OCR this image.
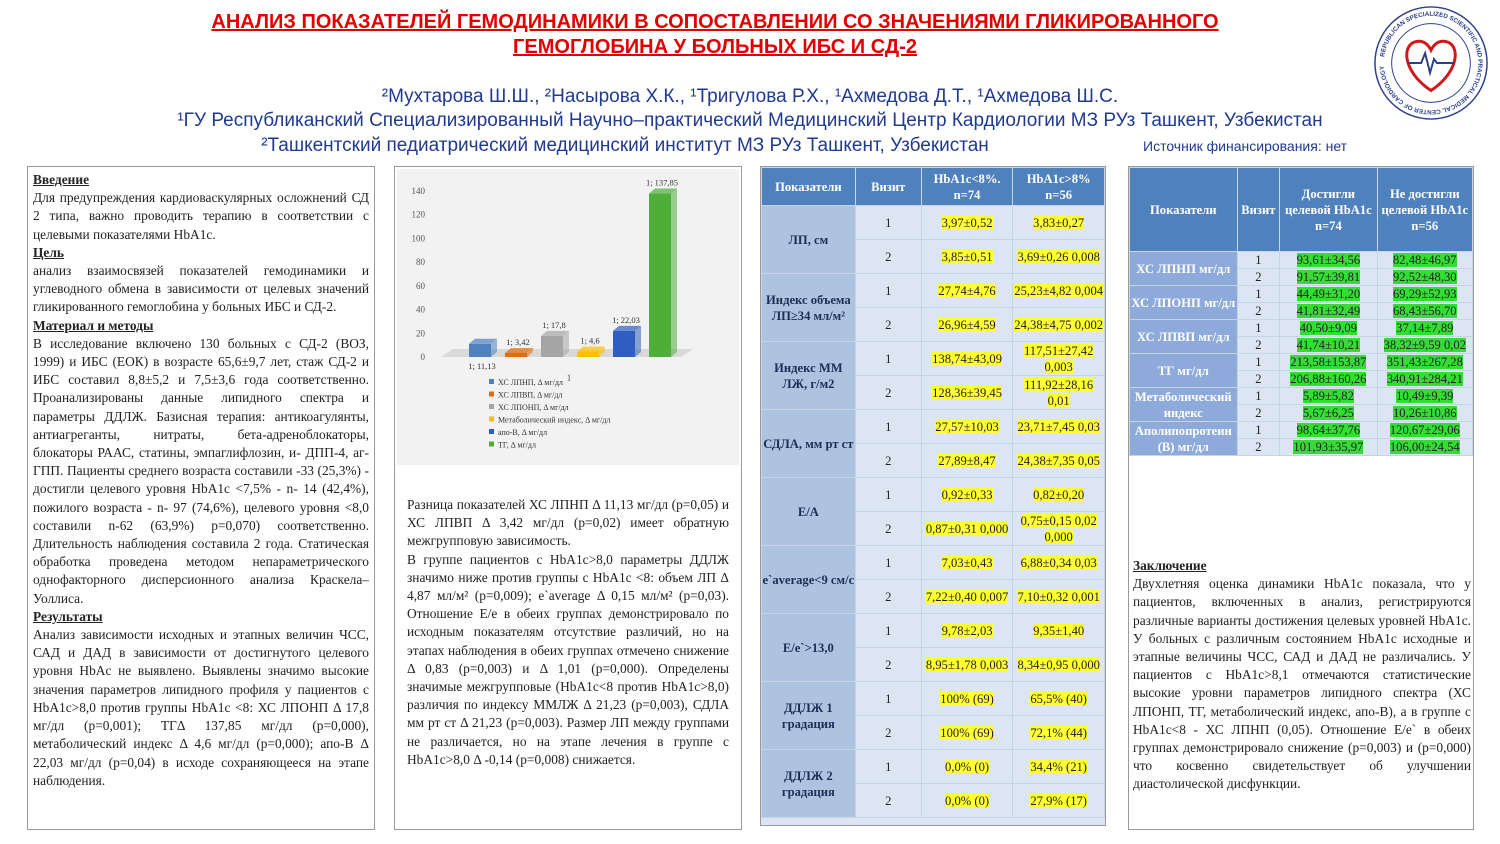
АНАЛИЗ ПОКАЗАТЕЛЕЙ ГЕМОДИНАМИКИ В СОПОСТАВЛЕНИИ СО ЗНАЧЕНИЯМИ ГЛИКИРОВАННОГО
ГЕМОГЛОБИНА У БОЛЬНЫХ ИБС И СД-2
²Мухтарова Ш.Ш., ²Насырова Х.К., ¹Тригулова Р.Х., ¹Ахмедова Д.Т., ¹Ахмедова Ш.С.
¹ГУ Республиканский Специализированный Научно–практический Медицинский Центр Кардиологии МЗ РУз Ташкент, Узбекистан
²Ташкентский педиатрический медицинский институт МЗ РУз Ташкент, Узбекистан	Источник финансирования: нет
REPUBLICAN SPECIALIZED SCIENTIFIC AND PRACTICAL MEDICAL CENTER OF CARDIOLOGY
Введение

Для предупреждения кардиоваскулярных осложнений СД 2 типа, важно проводить терапию в соответствии с целевыми показателями HbA1c.

Цель

анализ взаимосвязей показателей гемодинамики и углеводного обмена в зависимости от целевых значений гликированного гемоглобина у больных ИБС и СД-2.

Материал и методы

В исследование включено 130 больных с СД-2 (ВОЗ, 1999) и ИБС (ЕОК) в возрасте 65,6±9,7 лет, стаж СД-2 и ИБС составил 8,8±5,2 и 7,5±3,6 года соответственно. Проанализированы данные липидного спектра и параметры ДДЛЖ. Базисная терапия: антикоагулянты, антиагреганты, нитраты, бета-адреноблокаторы, блокаторы РААС, статины, эмпаглифлозин, и- ДПП-4, аг- ГПП. Пациенты среднего возраста составили -33 (25,3%) - достигли целевого уровня HbA1c <7,5% - n- 14 (42,4%), пожилого возраста - n- 97 (74,6%), целевого уровня <8,0 составили n-62 (63,9%) p=0,070) соответственно. Длительность наблюдения составила 2 года. Статическая обработка проведена методом непараметрического однофакторного дисперсионного анализа Краскела–Уоллиса.

Результаты

Анализ зависимости исходных и этапных величин ЧСС, САД и ДАД в зависимости от достигнутого целевого уровня HbAc не выявлено. Выявлены значимо высокие значения параметров липидного профиля у пациентов с HbA1c>8,0 против группы HbA1c <8: ХС ЛПОНП Δ 17,8 мг/дл (p=0,001); ТГΔ 137,85 мг/дл (p=0,000), метаболический индекс Δ 4,6 мг/дл (p=0,000); апо-В Δ 22,03 мг/дл (p=0,04) в исходе сохраняющееся на этапе наблюдения.

0
20
40
60
80
100
120
140
1; 11,13
ХС ЛПНП, Δ мг/дл
1; 3,42
ХС ЛПВП, Δ мг/дл
1; 17,8
ХС ЛПОНП, Δ мг/дл
1; 4,6
Метаболический индекс, Δ мг/дл
1; 22,03
апо-В, Δ мг/дл
1; 137,85
ТГ, Δ мг/дл
1
Разница показателей ХС ЛПНП Δ 11,13 мг/дл (p=0,05) и ХС ЛПВП Δ 3,42 мг/дл (p=0,02) имеет обратную межгрупповую зависимость.
В группе пациентов с HbA1c>8,0 параметры ДДЛЖ значимо ниже против группы с HbA1c <8: объем ЛП Δ 4,87 мл/м² (p=0,009); e`average Δ 0,15 мл/м² (p=0,03). Отношение E/e в обеих группах демонстрировало по исходным показателям отсутствие различий, но на этапах наблюдения в обеих группах отмечено снижение Δ 0,83 (p=0,003) и Δ 1,01 (p=0,000). Определены значимые межгрупповые (HbA1c<8 против HbA1c>8,0) различия по индексу ММЛЖ Δ 21,23 (p=0,003), СДЛА мм рт ст Δ 21,23 (p=0,003). Размер ЛП между группами не различается, но на этапе лечения в группе с HbA1c>8,0 Δ -0,14 (p=0,008) снижается.
Показатели	Визит	HbA1c<8%. n=74	HbA1c>8% n=56
ЛП, см	1	3,97±0,52	3,83±0,27
	2	3,85±0,51	3,69±0,26 0,008
Индекс объема ЛП≥34 мл/м²	1	27,74±4,76	25,23±4,82 0,004
	2	26,96±4,59	24,38±4,75 0,002
Индекс ММ ЛЖ, г/м2	1	138,74±43,09	117,51±27,42 0,003
	2	128,36±39,45	111,92±28,16 0,01
СДЛА, мм рт ст	1	27,57±10,03	23,71±7,45 0,03
	2	27,89±8,47	24,38±7,35 0,05
E/A	1	0,92±0,33	0,82±0,20
	2	0,87±0,31 0,000	0,75±0,15 0,02 0,000
e`average<9 см/с	1	7,03±0,43	6,88±0,34 0,03
	2	7,22±0,40 0,007	7,10±0,32 0,001
E/e`>13,0	1	9,78±2,03	9,35±1,40
	2	8,95±1,78 0,003	8,34±0,95 0,000
ДДЛЖ 1 градация	1	100% (69)	65,5% (40)
	2	100% (69)	72,1% (44)
ДДЛЖ 2 градация	1	0,0% (0)	34,4% (21)
	2	0,0% (0)	27,9% (17)
Показатели	Визит	Достигли целевой HbA1c n=74	Не достигли целевой HbA1c n=56
ХС ЛПНП мг/дл	1	93,61±34,56	82,48±46,97
	2	91,57±39,81	92,52±48,30
ХС ЛПОНП мг/дл	1	44,49±31,20	69,29±52,93
	2	41,81±32,49	68,43±56,70
ХС ЛПВП мг/дл	1	40,50±9,09	37,14±7,89
	2	41,74±10,21	38,32±9,59 0,02
ТГ мг/дл	1	213,58±153,87	351,43±267,28
	2	206,88±160,26	340,91±284,21
Метаболический индекс	1	5,89±5,82	10,49±9,39
	2	5,67±6,25	10,26±10,86
Аполипопротеин (В) мг/дл	1	98,64±37,76	120,67±29,06
	2	101,93±35,97	106,00±24,54
Заключение

Двухлетняя оценка динамики HbA1c показала, что у пациентов, включенных в анализ, регистрируются различные варианты достижения целевых уровней HbA1c. У больных с различным состоянием HbA1c исходные и этапные величины ЧСС, САД и ДАД не различались. У пациентов с HbA1c>8,1 отмечаются статистические высокие уровни параметров липидного спектра (ХС ЛПОНП, ТГ, метаболический индекс, апо-В), а в группе с HbA1c<8 - ХС ЛПНП (0,05). Отношение E/e` в обеих группах демонстрировало снижение (p=0,003) и (p=0,000) что косвенно свидетельствует об улучшении диастолической дисфункции.
